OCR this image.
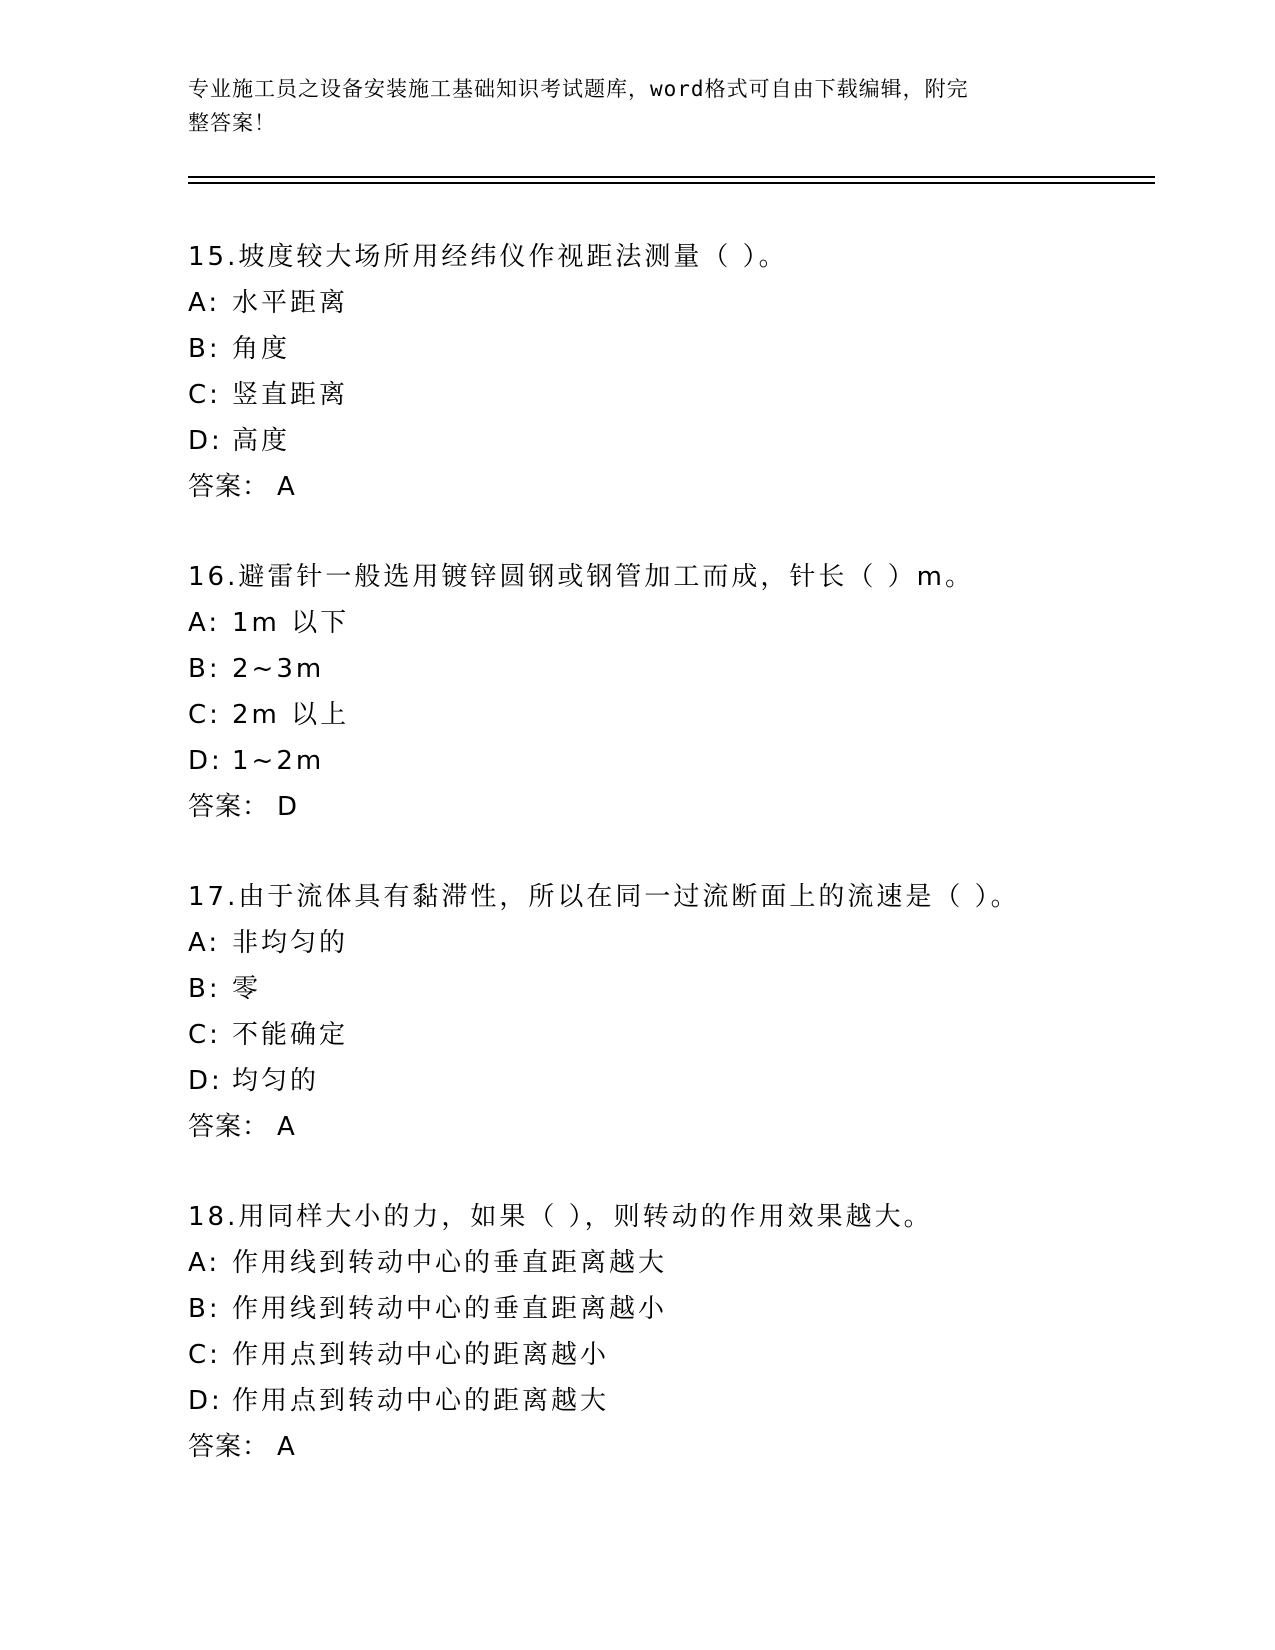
专业施工员之设备安装施工基础知识考试题库，word格式可自由下载编辑，附完
整答案！
15.坡度较大场所用经纬仪作视距法测量（ ）。
A: 水平距离
B: 角度
C: 竖直距离
D: 高度
答案： A
16.避雷针一般选用镀锌圆钢或钢管加工而成，针长（ ）m。
A: 1m 以下
B: 2~3m
C: 2m 以上
D: 1~2m
答案： D
17.由于流体具有黏滞性，所以在同一过流断面上的流速是（ ）。
A: 非均匀的
B: 零
C: 不能确定
D: 均匀的
答案： A
18.用同样大小的力，如果（ ），则转动的作用效果越大。
A: 作用线到转动中心的垂直距离越大
B: 作用线到转动中心的垂直距离越小
C: 作用点到转动中心的距离越小
D: 作用点到转动中心的距离越大
答案： A
